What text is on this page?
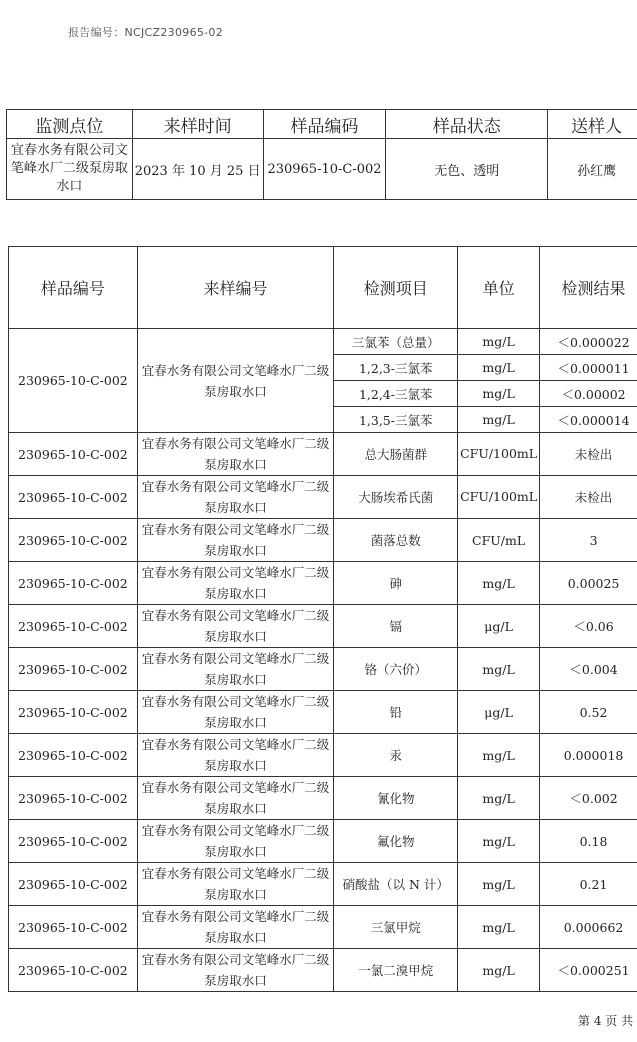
报告编号：NCJCZ230965-02
监测点位	来样时间	样品编码	样品状态	送样人
宜春水务有限公司文笔峰水厂二级泵房取水口	2023 年 10 月 25 日	230965-10-C-002	无色、透明	孙红鹰
样品编号	来样编号	检测项目	单位	检测结果
230965-10-C-002	宜春水务有限公司文笔峰水厂二级泵房取水口	三氯苯（总量）	mg/L	＜0.000022
		1,2,3-三氯苯	mg/L	＜0.000011
		1,2,4-三氯苯	mg/L	＜0.00002
		1,3,5-三氯苯	mg/L	＜0.000014
230965-10-C-002	宜春水务有限公司文笔峰水厂二级泵房取水口	总大肠菌群	CFU/100mL	未检出
230965-10-C-002	宜春水务有限公司文笔峰水厂二级泵房取水口	大肠埃希氏菌	CFU/100mL	未检出
230965-10-C-002	宜春水务有限公司文笔峰水厂二级泵房取水口	菌落总数	CFU/mL	3
230965-10-C-002	宜春水务有限公司文笔峰水厂二级泵房取水口	砷	mg/L	0.00025
230965-10-C-002	宜春水务有限公司文笔峰水厂二级泵房取水口	镉	μg/L	＜0.06
230965-10-C-002	宜春水务有限公司文笔峰水厂二级泵房取水口	铬（六价）	mg/L	＜0.004
230965-10-C-002	宜春水务有限公司文笔峰水厂二级泵房取水口	铅	μg/L	0.52
230965-10-C-002	宜春水务有限公司文笔峰水厂二级泵房取水口	汞	mg/L	0.000018
230965-10-C-002	宜春水务有限公司文笔峰水厂二级泵房取水口	氰化物	mg/L	＜0.002
230965-10-C-002	宜春水务有限公司文笔峰水厂二级泵房取水口	氟化物	mg/L	0.18
230965-10-C-002	宜春水务有限公司文笔峰水厂二级泵房取水口	硝酸盐（以 N 计）	mg/L	0.21
230965-10-C-002	宜春水务有限公司文笔峰水厂二级泵房取水口	三氯甲烷	mg/L	0.000662
230965-10-C-002	宜春水务有限公司文笔峰水厂二级泵房取水口	一氯二溴甲烷	mg/L	＜0.000251
第 4 页 共
